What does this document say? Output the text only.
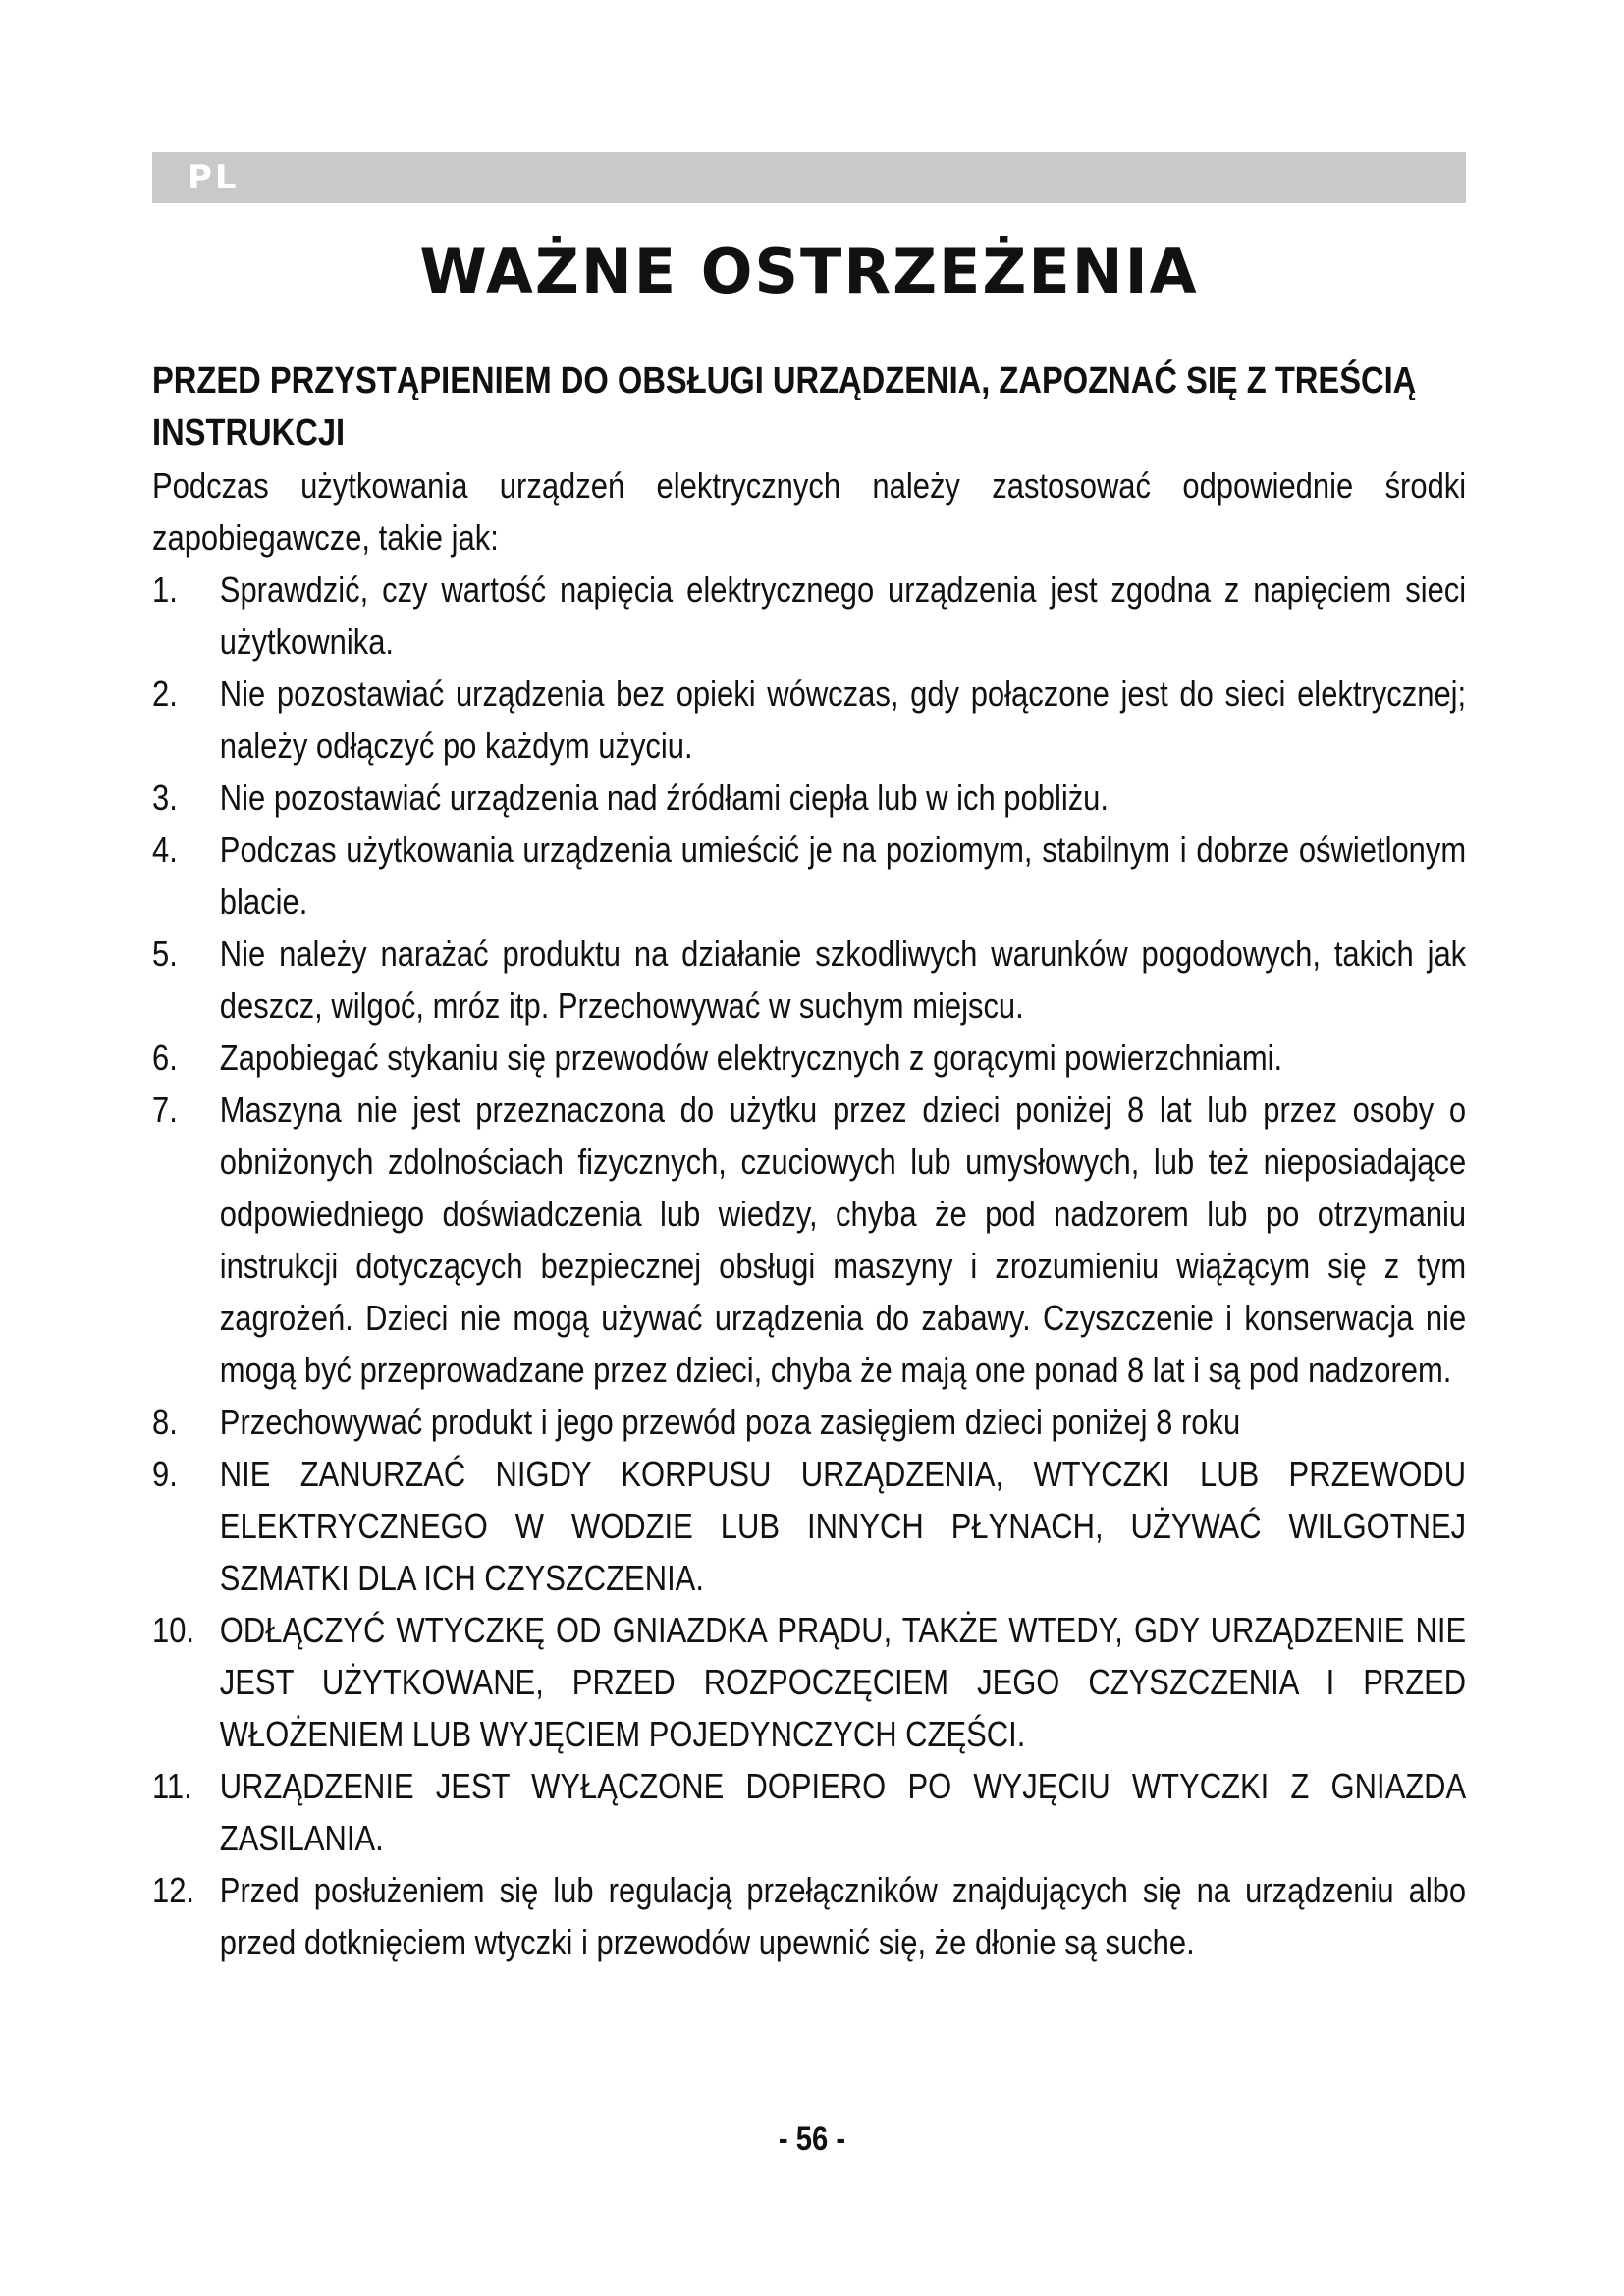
PL
WAŻNE OSTRZEŻENIA

PRZED PRZYSTĄPIENIEM DO OBSŁUGI URZĄDZENIA, ZAPOZNAĆ SIĘ Z TREŚCIĄ INSTRUKCJI

Podczas użytkowania urządzeń elektrycznych należy zastosować odpowiednie środki zapobiegawcze, takie jak:

1. Sprawdzić, czy wartość napięcia elektrycznego urządzenia jest zgodna z napięciem sieci użytkownika.
2. Nie pozostawiać urządzenia bez opieki wówczas, gdy połączone jest do sieci elektrycznej; należy odłączyć po każdym użyciu.
3. Nie pozostawiać urządzenia nad źródłami ciepła lub w ich pobliżu.
4. Podczas użytkowania urządzenia umieścić je na poziomym, stabilnym i dobrze oświetlonym blacie.
5. Nie należy narażać produktu na działanie szkodliwych warunków pogodowych, takich jak deszcz, wilgoć, mróz itp. Przechowywać w suchym miejscu.
6. Zapobiegać stykaniu się przewodów elektrycznych z gorącymi powierzchniami.
7. Maszyna nie jest przeznaczona do użytku przez dzieci poniżej 8 lat lub przez osoby o obniżonych zdolnościach fizycznych, czuciowych lub umysłowych, lub też nieposiadające odpowiedniego doświadczenia lub wiedzy, chyba że pod nadzorem lub po otrzymaniu instrukcji dotyczących bezpiecznej obsługi maszyny i zrozumieniu wiążącym się z tym zagrożeń. Dzieci nie mogą używać urządzenia do zabawy. Czyszczenie i konserwacja nie mogą być przeprowadzane przez dzieci, chyba że mają one ponad 8 lat i są pod nadzorem.
8. Przechowywać produkt i jego przewód poza zasięgiem dzieci poniżej 8 roku
9. NIE ZANURZAĆ NIGDY KORPUSU URZĄDZENIA, WTYCZKI LUB PRZEWODU ELEKTRYCZNEGO W WODZIE LUB INNYCH PŁYNACH, UŻYWAĆ WILGOTNEJ SZMATKI DLA ICH CZYSZCZENIA.
10. ODŁĄCZYĆ WTYCZKĘ OD GNIAZDKA PRĄDU, TAKŻE WTEDY, GDY URZĄDZENIE NIE JEST UŻYTKOWANE, PRZED ROZPOCZĘCIEM JEGO CZYSZCZENIA I PRZED WŁOŻENIEM LUB WYJĘCIEM POJEDYNCZYCH CZĘŚCI.
11. URZĄDZENIE JEST WYŁĄCZONE DOPIERO PO WYJĘCIU WTYCZKI Z GNIAZDA ZASILANIA.
12. Przed posłużeniem się lub regulacją przełączników znajdujących się na urządzeniu albo przed dotknięciem wtyczki i przewodów upewnić się, że dłonie są suche.
- 56 -
